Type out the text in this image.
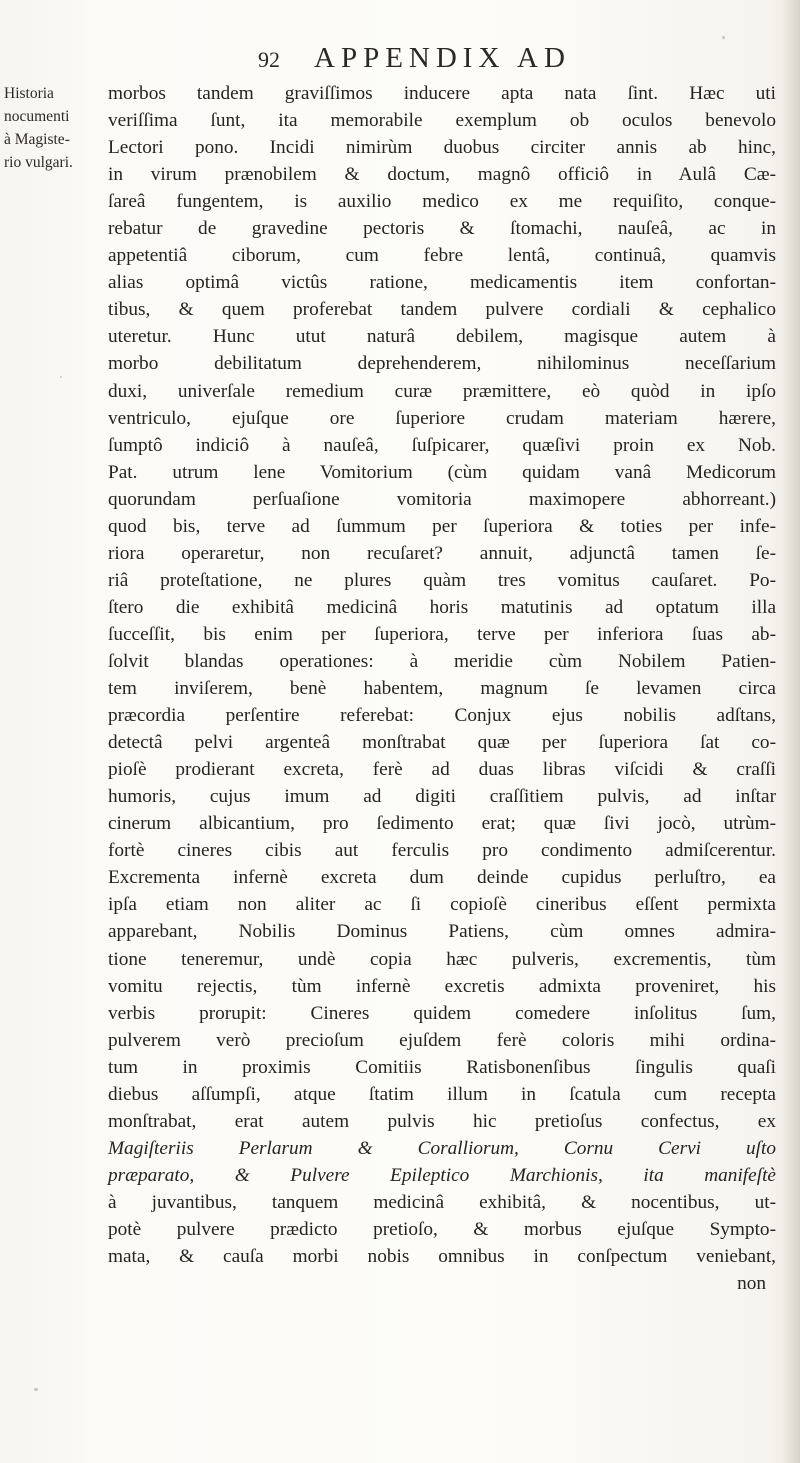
92 APPENDIX AD
Historia
nocumenti
à Magiste-
rio vulgari.
morbos tandem graviſſimos inducere apta nata ſint. Hæc uti
veriſſima ſunt, ita memorabile exemplum ob oculos benevolo
Lectori pono. Incidi nimirùm duobus circiter annis ab hinc,
in virum prænobilem & doctum, magnô officiô in Aulâ Cæ-
ſareâ fungentem, is auxilio medico ex me requiſito, conque-
rebatur de gravedine pectoris & ſtomachi, nauſeâ, ac in
appetentiâ ciborum, cum febre lentâ, continuâ, quamvis
alias optimâ victûs ratione, medicamentis item confortan-
tibus, & quem proferebat tandem pulvere cordiali & cephalico
uteretur. Hunc utut naturâ debilem, magisque autem à
morbo debilitatum deprehenderem, nihilominus neceſſarium
duxi, univerſale remedium curæ præmittere, eò quòd in ipſo
ventriculo, ejuſque ore ſuperiore crudam materiam hærere,
ſumptô indiciô à nauſeâ, ſuſpicarer, quæſivi proin ex Nob.
Pat. utrum lene Vomitorium (cùm quidam vanâ Medicorum
quorundam perſuaſione vomitoria maximopere abhorreant.)
quod bis, terve ad ſummum per ſuperiora & toties per infe-
riora operaretur, non recuſaret? annuit, adjunctâ tamen ſe-
riâ proteſtatione, ne plures quàm tres vomitus cauſaret. Po-
ſtero die exhibitâ medicinâ horis matutinis ad optatum illa
ſucceſſit, bis enim per ſuperiora, terve per inferiora ſuas ab-
ſolvit blandas operationes: à meridie cùm Nobilem Patien-
tem inviſerem, benè habentem, magnum ſe levamen circa
præcordia perſentire referebat: Conjux ejus nobilis adſtans,
detectâ pelvi argenteâ monſtrabat quæ per ſuperiora ſat co-
pioſè prodierant excreta, ferè ad duas libras viſcidi & craſſi
humoris, cujus imum ad digiti craſſitiem pulvis, ad inſtar
cinerum albicantium, pro ſedimento erat; quæ ſivi jocò, utrùm-
fortè cineres cibis aut ferculis pro condimento admiſcerentur.
Excrementa infernè excreta dum deinde cupidus perluſtro, ea
ipſa etiam non aliter ac ſi copioſè cineribus eſſent permixta
apparebant, Nobilis Dominus Patiens, cùm omnes admira-
tione teneremur, undè copia hæc pulveris, excrementis, tùm
vomitu rejectis, tùm infernè excretis admixta proveniret, his
verbis prorupit: Cineres quidem comedere inſolitus ſum,
pulverem verò precioſum ejuſdem ferè coloris mihi ordina-
tum in proximis Comitiis Ratisbonenſibus ſingulis quaſi
diebus aſſumpſi, atque ſtatim illum in ſcatula cum recepta
monſtrabat, erat autem pulvis hic pretioſus confectus, ex
Magiſteriis Perlarum & Coralliorum, Cornu Cervi uſto
præparato, & Pulvere Epileptico Marchionis, ita manifeſtè
à juvantibus, tanquem medicinâ exhibitâ, & nocentibus, ut-
potè pulvere prædicto pretioſo, & morbus ejuſque Sympto-
mata, & cauſa morbi nobis omnibus in conſpectum veniebant,
non
